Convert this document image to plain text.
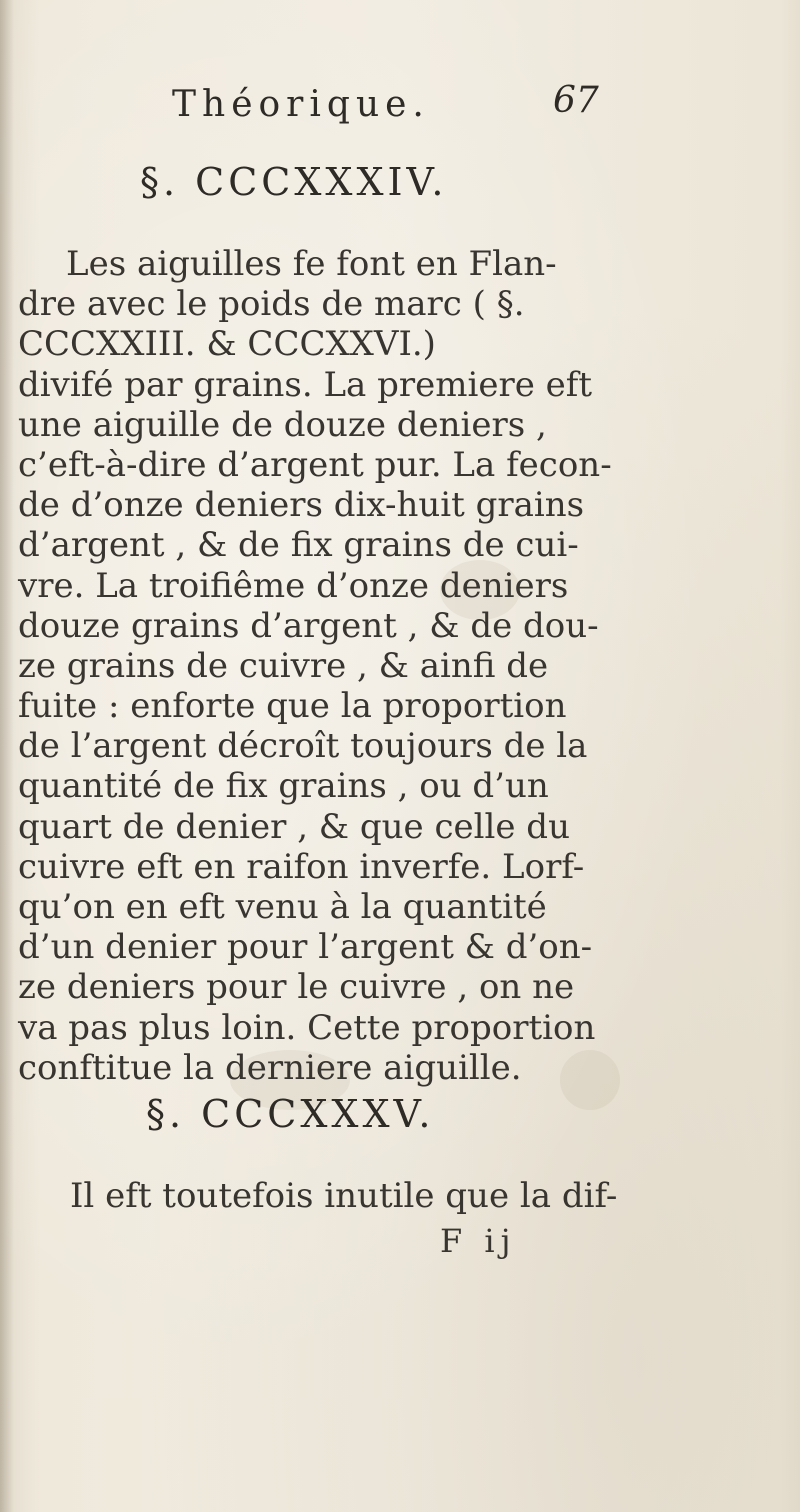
Théorique.	67
§. CCCXXXIV.
Les aiguilles fe font en Flan-
dre avec le poids de marc ( §.
CCCXXIII. & CCCXXVI.)
divifé par grains. La premiere eft
une aiguille de douze deniers ,
c’eft-à-dire d’argent pur. La fecon-
de d’onze deniers dix-huit grains
d’argent , & de fix grains de cui-
vre. La troifiême d’onze deniers
douze grains d’argent , & de dou-
ze grains de cuivre , & ainfi de
fuite : enforte que la proportion
de l’argent décroît toujours de la
quantité de fix grains , ou d’un
quart de denier , & que celle du
cuivre eft en raifon inverfe. Lorf-
qu’on en eft venu à la quantité
d’un denier pour l’argent & d’on-
ze deniers pour le cuivre , on ne
va pas plus loin. Cette proportion
conftitue la derniere aiguille.
§. CCCXXXV.
Il eft toutefois inutile que la dif-
F ij
